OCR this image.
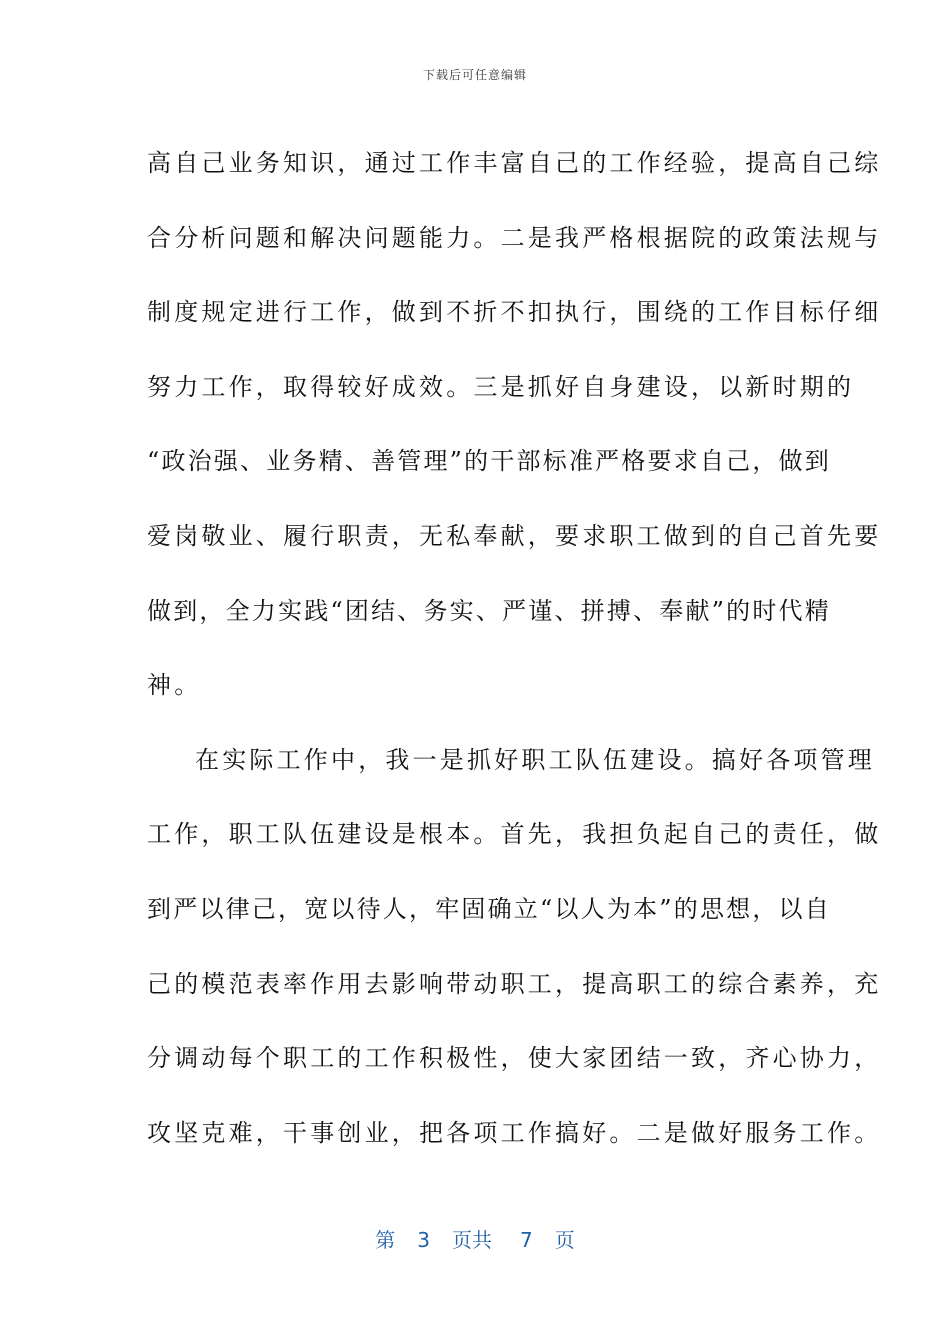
下载后可任意编辑
高自己业务知识，通过工作丰富自己的工作经验，提高自己综
合分析问题和解决问题能力。二是我严格根据院的政策法规与
制度规定进行工作，做到不折不扣执行，围绕的工作目标仔细
努力工作，取得较好成效。三是抓好自身建设，以新时期的
“政治强、业务精、善管理”的干部标准严格要求自己，做到
爱岗敬业、履行职责，无私奉献，要求职工做到的自己首先要
做到，全力实践“团结、务实、严谨、拼搏、奉献”的时代精
神。
在实际工作中，我一是抓好职工队伍建设。搞好各项管理
工作，职工队伍建设是根本。首先，我担负起自己的责任，做
到严以律己，宽以待人，牢固确立“以人为本”的思想，以自
己的模范表率作用去影响带动职工，提高职工的综合素养，充
分调动每个职工的工作积极性，使大家团结一致，齐心协力，
攻坚克难，干事创业，把各项工作搞好。二是做好服务工作。
第 3 页共 7 页
